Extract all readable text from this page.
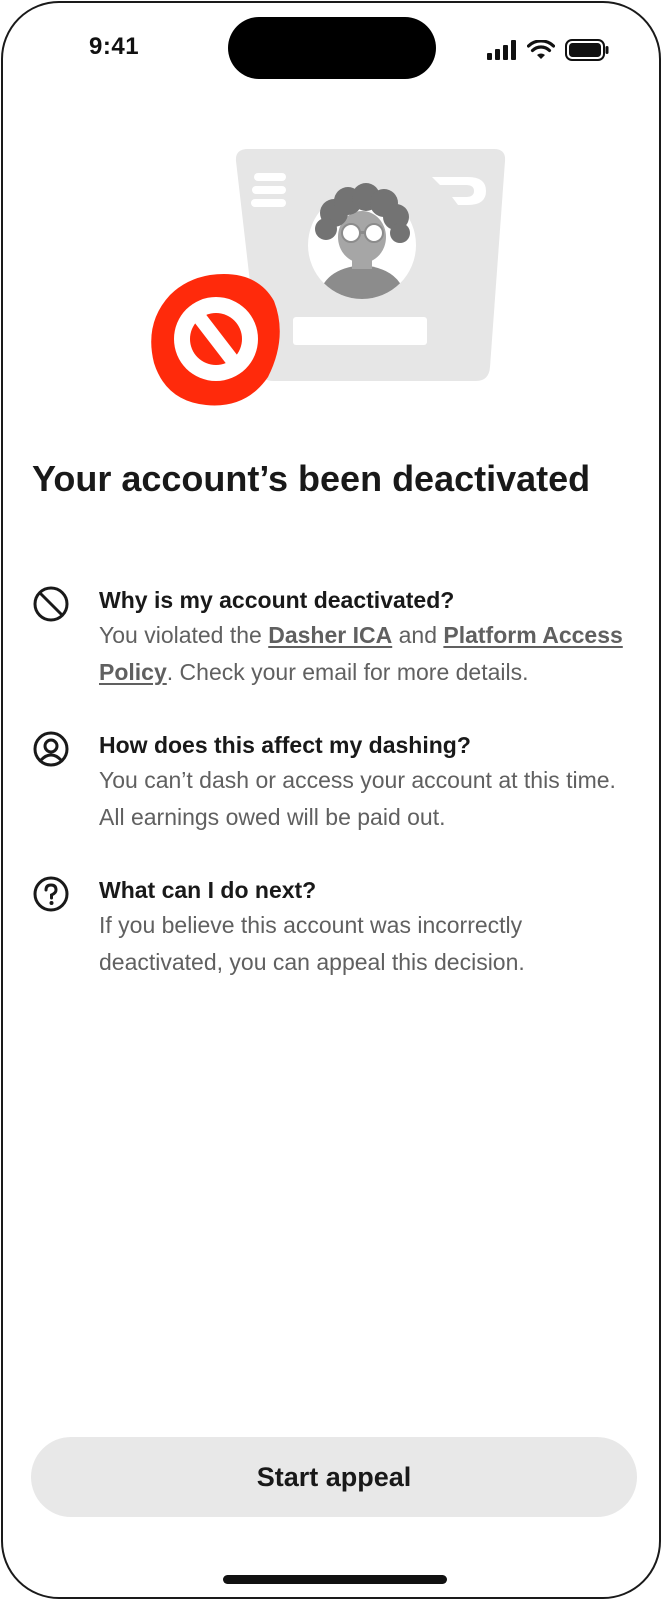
9:41
Your account’s been deactivated
Why is my account deactivated?
You violated the Dasher ICA and Platform Access Policy. Check your email for more details.
How does this affect my dashing?
You can’t dash or access your account at this time. All earnings owed will be paid out.
What can I do next?
If you believe this account was incorrectly deactivated, you can appeal this decision.
Start appeal
